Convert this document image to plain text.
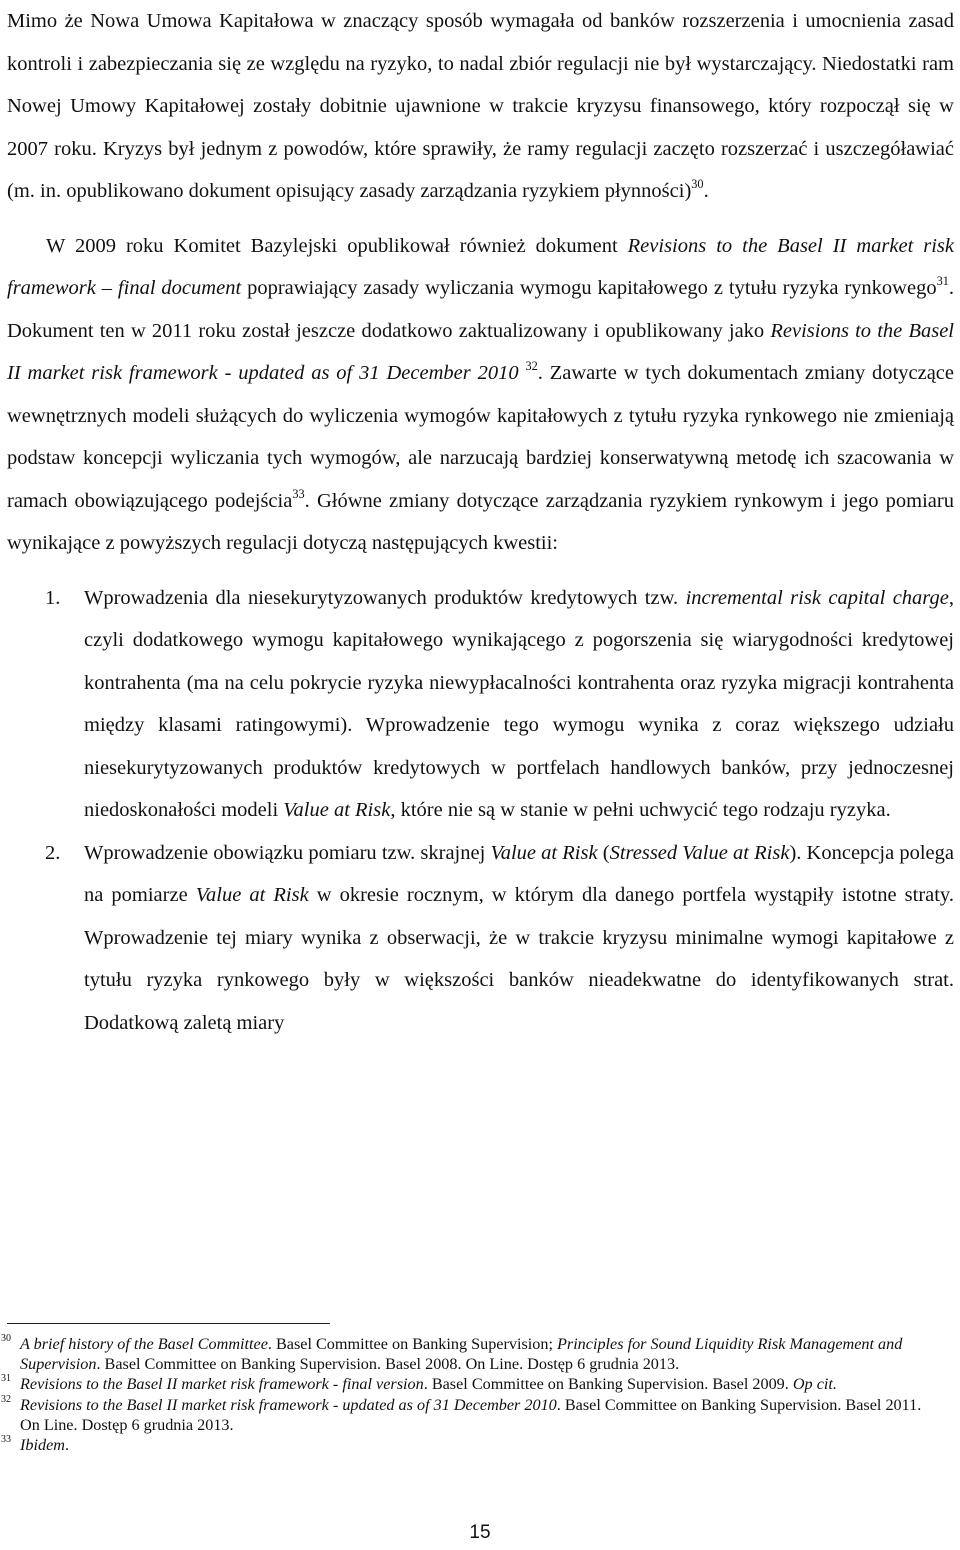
Mimo że Nowa Umowa Kapitałowa w znaczący sposób wymagała od banków rozszerzenia i umocnienia zasad kontroli i zabezpieczania się ze względu na ryzyko, to nadal zbiór regulacji nie był wystarczający. Niedostatki ram Nowej Umowy Kapitałowej zostały dobitnie ujawnione w trakcie kryzysu finansowego, który rozpoczął się w 2007 roku. Kryzys był jednym z powodów, które sprawiły, że ramy regulacji zaczęto rozszerzać i uszczegóławiać (m. in. opublikowano dokument opisujący zasady zarządzania ryzykiem płynności)$^{30}$.

W 2009 roku Komitet Bazylejski opublikował również dokument Revisions to the Basel II market risk framework – final document poprawiający zasady wyliczania wymogu kapitałowego z tytułu ryzyka rynkowego$^{31}$. Dokument ten w 2011 roku został jeszcze dodatkowo zaktualizowany i opublikowany jako Revisions to the Basel II market risk framework - updated as of 31 December 2010 $^{32}$. Zawarte w tych dokumentach zmiany dotyczące wewnętrznych modeli służących do wyliczenia wymogów kapitałowych z tytułu ryzyka rynkowego nie zmieniają podstaw koncepcji wyliczania tych wymogów, ale narzucają bardziej konserwatywną metodę ich szacowania w ramach obowiązującego podejścia$^{33}$. Główne zmiany dotyczące zarządzania ryzykiem rynkowym i jego pomiaru wynikające z powyższych regulacji dotyczą następujących kwestii:

1. Wprowadzenia dla niesekurytyzowanych produktów kredytowych tzw. incremental risk capital charge, czyli dodatkowego wymogu kapitałowego wynikającego z pogorszenia się wiarygodności kredytowej kontrahenta (ma na celu pokrycie ryzyka niewypłacalności kontrahenta oraz ryzyka migracji kontrahenta między klasami ratingowymi). Wprowadzenie tego wymogu wynika z coraz większego udziału niesekurytyzowanych produktów kredytowych w portfelach handlowych banków, przy jednoczesnej niedoskonałości modeli Value at Risk, które nie są w stanie w pełni uchwycić tego rodzaju ryzyka.
2. Wprowadzenie obowiązku pomiaru tzw. skrajnej Value at Risk (Stressed Value at Risk). Koncepcja polega na pomiarze Value at Risk w okresie rocznym, w którym dla danego portfela wystąpiły istotne straty. Wprowadzenie tej miary wynika z obserwacji, że w trakcie kryzysu minimalne wymogi kapitałowe z tytułu ryzyka rynkowego były w większości banków nieadekwatne do identyfikowanych strat. Dodatkową zaletą miary

30 A brief history of the Basel Committee. Basel Committee on Banking Supervision; Principles for Sound Liquidity Risk Management and Supervision. Basel Committee on Banking Supervision. Basel 2008. On Line. Dostęp 6 grudnia 2013.

31 Revisions to the Basel II market risk framework - final version. Basel Committee on Banking Supervision. Basel 2009. Op cit.

32 Revisions to the Basel II market risk framework - updated as of 31 December 2010. Basel Committee on Banking Supervision. Basel 2011. On Line. Dostęp 6 grudnia 2013.

33 Ibidem.

15
